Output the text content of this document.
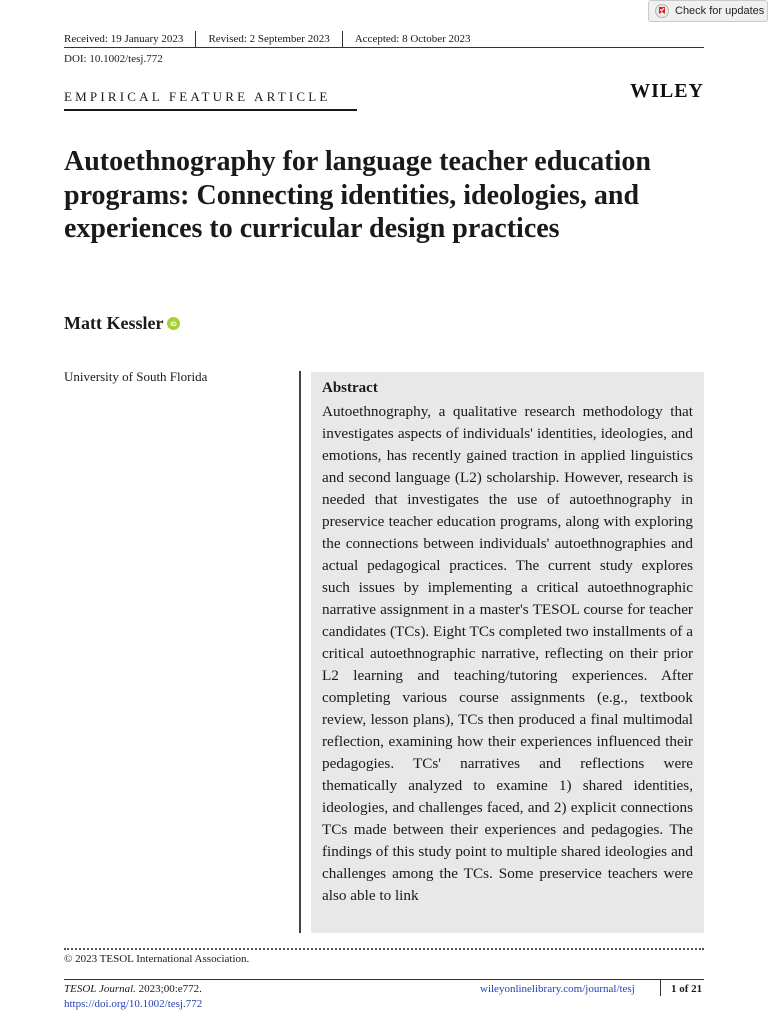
Check for updates
Received: 19 January 2023	Revised: 2 September 2023	Accepted: 8 October 2023
DOI: 10.1002/tesj.772
EMPIRICAL FEATURE ARTICLE	WILEY
Autoethnography for language teacher education programs: Connecting identities, ideologies, and experiences to curricular design practices
Matt Kessler iD
University of South Florida

Abstract

Autoethnography, a qualitative research methodology that investigates aspects of individuals' identities, ideologies, and emotions, has recently gained traction in applied linguistics and second language (L2) scholarship. However, research is needed that investigates the use of autoethnography in preservice teacher education programs, along with exploring the connections between individuals' autoethnographies and actual pedagogical practices. The current study explores such issues by implementing a critical autoethnographic narrative assignment in a master's TESOL course for teacher candidates (TCs). Eight TCs completed two installments of a critical autoethnographic narrative, reflecting on their prior L2 learning and teaching/tutoring experiences. After completing various course assignments (e.g., textbook review, lesson plans), TCs then produced a final multimodal reflection, examining how their experiences influenced their pedagogies. TCs' narratives and reflections were thematically analyzed to examine 1) shared identities, ideologies, and challenges faced, and 2) explicit connections TCs made between their experiences and pedagogies. The findings of this study point to multiple shared ideologies and challenges among the TCs. Some preservice teachers were also able to link

© 2023 TESOL International Association.
TESOL Journal. 2023;00:e772.
https://doi.org/10.1002/tesj.772
wileyonlinelibrary.com/journal/tesj	1 of 21
